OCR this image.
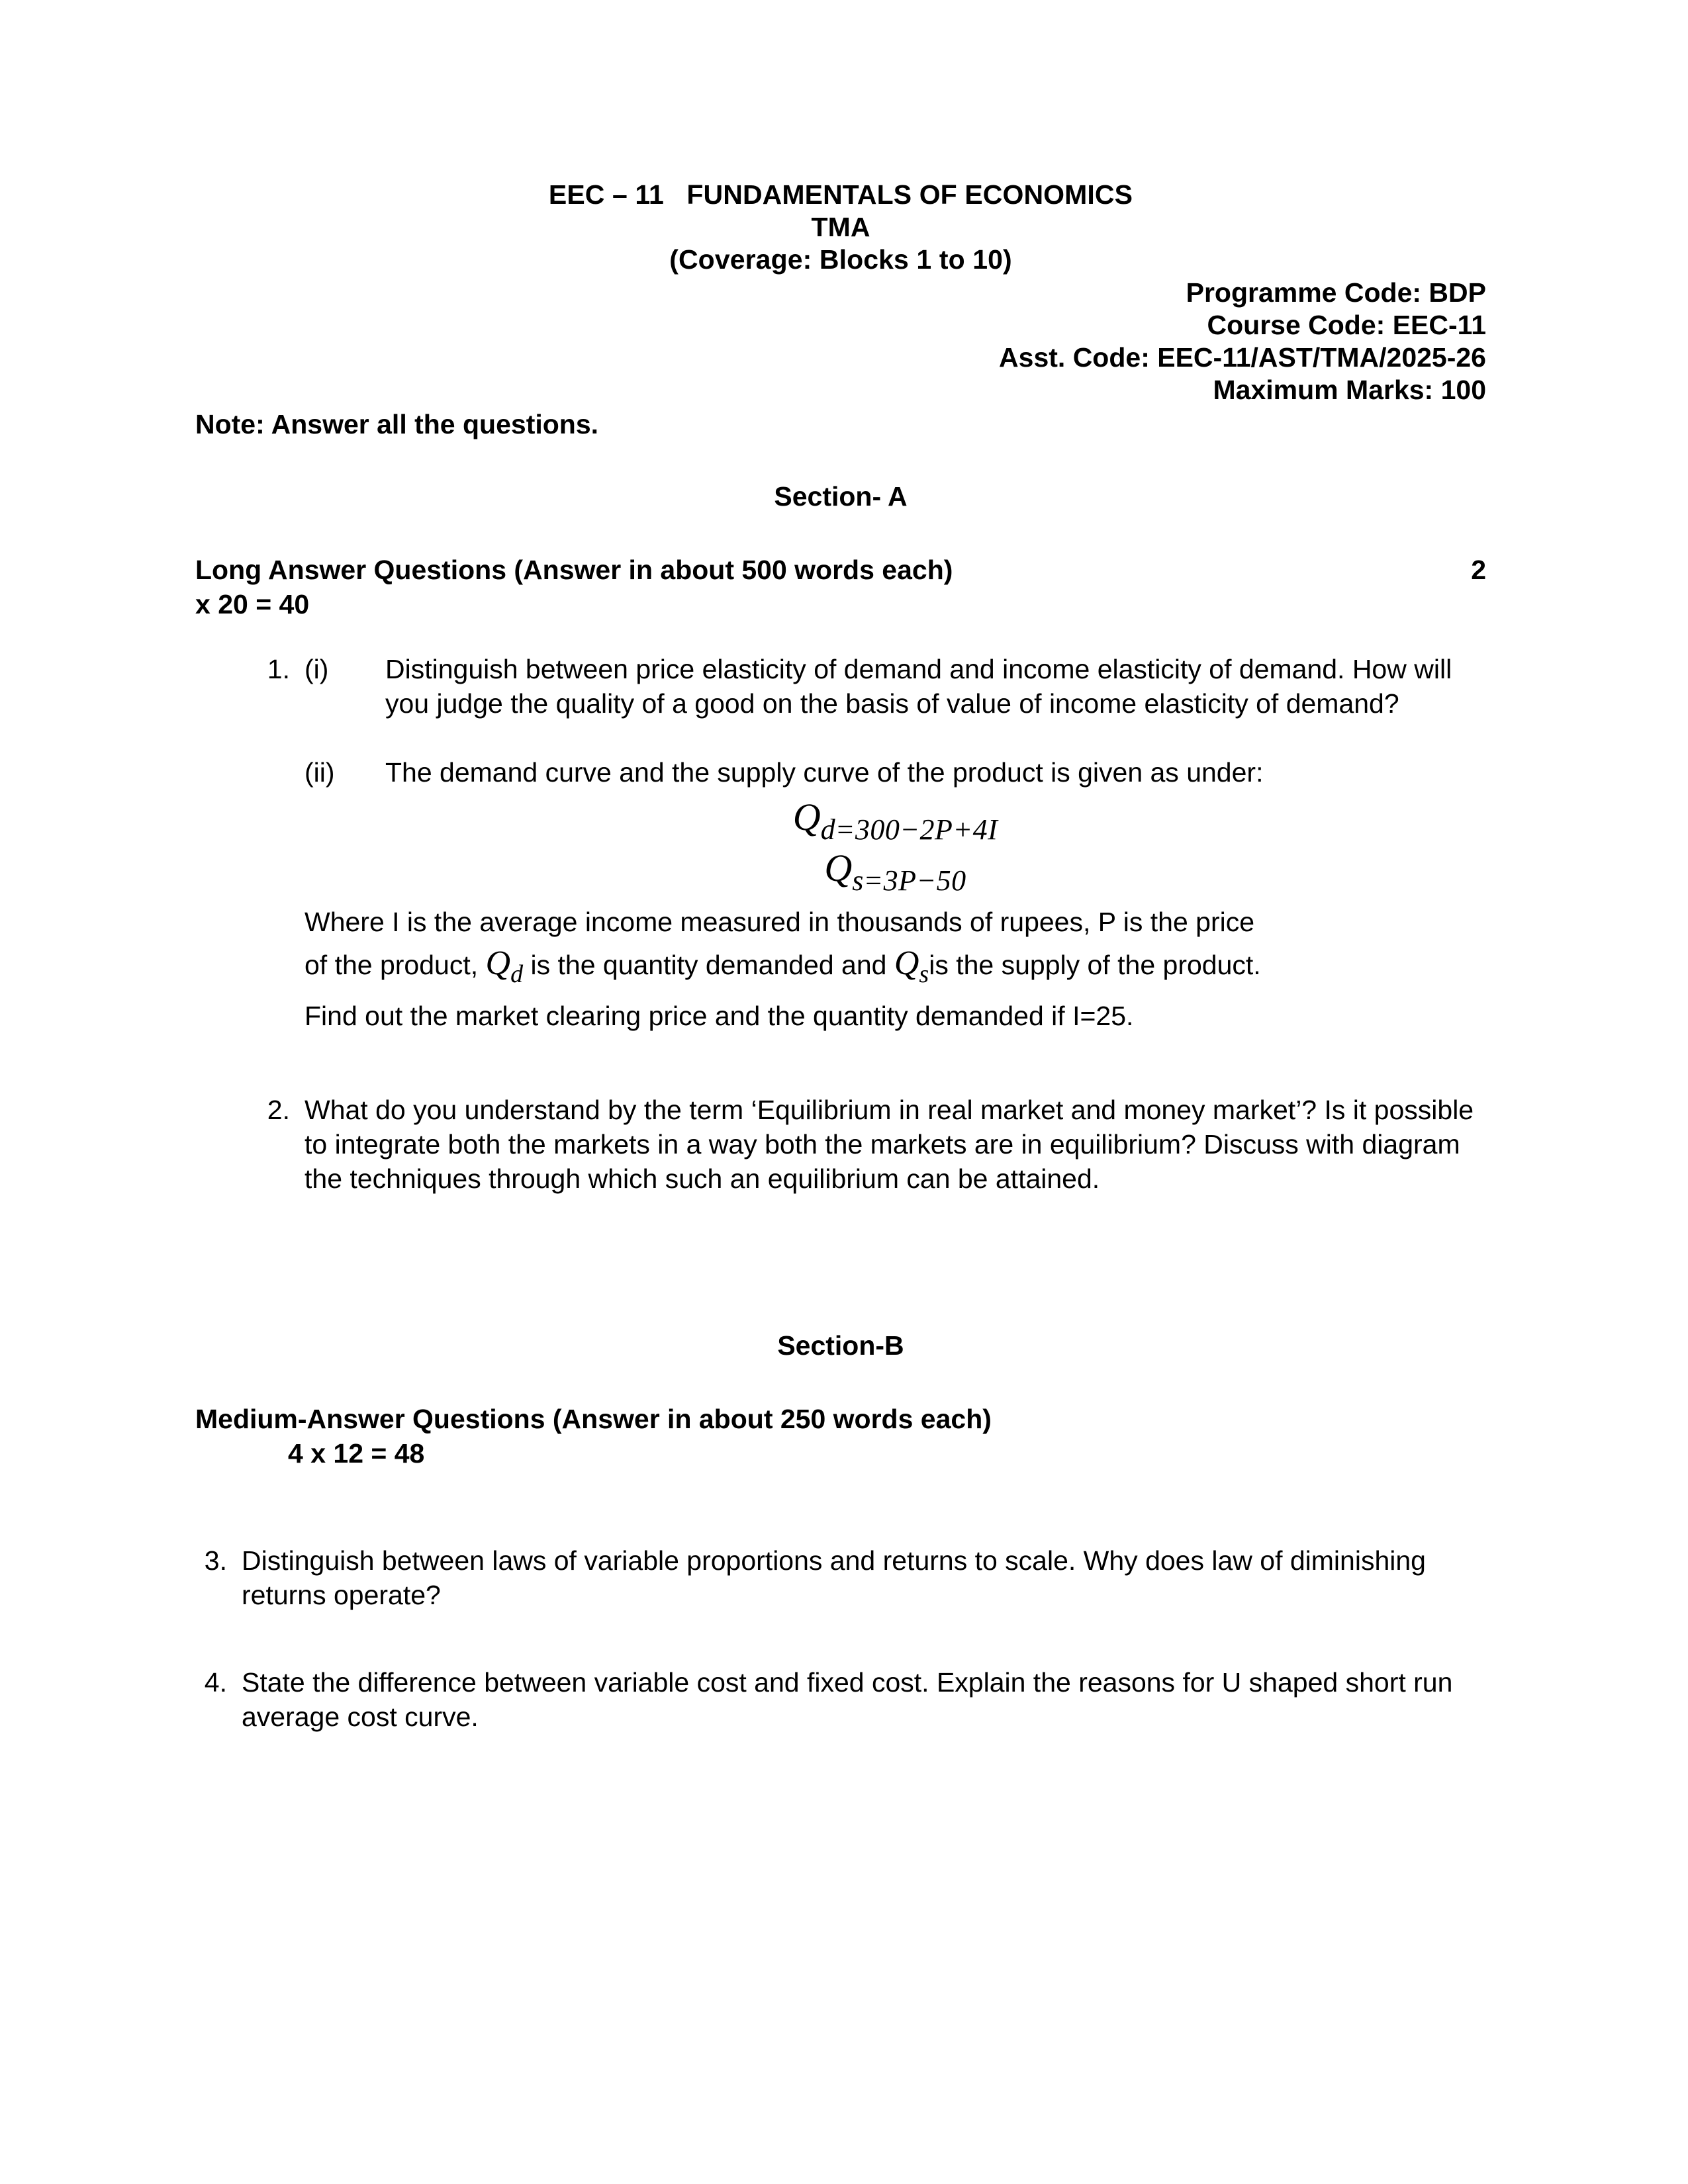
EEC – 11   FUNDAMENTALS OF ECONOMICS
TMA
(Coverage: Blocks 1 to 10)
Programme Code: BDP
Course Code: EEC-11
Asst. Code: EEC-11/AST/TMA/2025-26
Maximum Marks: 100
Note: Answer all the questions.
Section- A
Long Answer Questions (Answer in about 500 words each)	2
x 20 = 40
1. (i) Distinguish between price elasticity of demand and income elasticity of demand. How will you judge the quality of a good on the basis of value of income elasticity of demand?
(ii) The demand curve and the supply curve of the product is given as under:
Qd=300−2P+4I
Qs=3P−50
Where I is the average income measured in thousands of rupees, P is the price
of the product, Qd is the quantity demanded and Qsis the supply of the product.
Find out the market clearing price and the quantity demanded if I=25.
2. What do you understand by the term ‘Equilibrium in real market and money market’? Is it possible to integrate both the markets in a way both the markets are in equilibrium? Discuss with diagram the techniques through which such an equilibrium can be attained.
Section-B
Medium-Answer Questions (Answer in about 250 words each)
4 x 12 = 48
3. Distinguish between laws of variable proportions and returns to scale. Why does law of diminishing returns operate?
4. State the difference between variable cost and fixed cost. Explain the reasons for U shaped short run average cost curve.
